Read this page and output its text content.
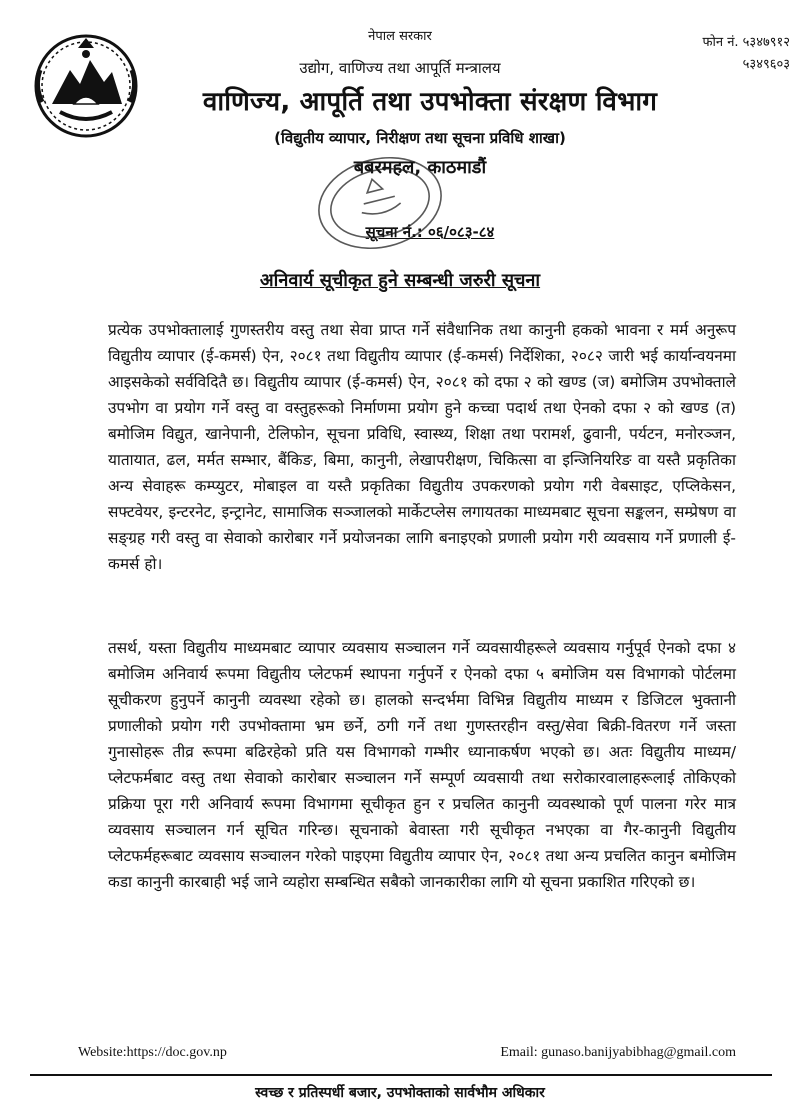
नेपाल सरकार
उद्योग, वाणिज्य तथा आपूर्ति मन्त्रालय
वाणिज्य, आपूर्ति तथा उपभोक्ता संरक्षण विभाग
(विद्युतीय व्यापार, निरीक्षण तथा सूचना प्रविधि शाखा)
बबरमहल, काठमाडौं
फोन नं. ५३४७९१२
५३४९६०३
सूचना नं.: ०६/०८३-८४
अनिवार्य सूचीकृत हुने सम्बन्धी जरुरी सूचना
प्रत्येक उपभोक्तालाई गुणस्तरीय वस्तु तथा सेवा प्राप्त गर्ने संवैधानिक तथा कानुनी हकको भावना र मर्म अनुरूप विद्युतीय व्यापार (ई-कमर्स) ऐन, २०८१ तथा विद्युतीय व्यापार (ई-कमर्स) निर्देशिका, २०८२ जारी भई कार्यान्वयनमा आइसकेको सर्वविदितै छ। विद्युतीय व्यापार (ई-कमर्स) ऐन, २०८१ को दफा २ को खण्ड (ज) बमोजिम उपभोक्ताले उपभोग वा प्रयोग गर्ने वस्तु वा वस्तुहरूको निर्माणमा प्रयोग हुने कच्चा पदार्थ तथा ऐनको दफा २ को खण्ड (त) बमोजिम विद्युत, खानेपानी, टेलिफोन, सूचना प्रविधि, स्वास्थ्य, शिक्षा तथा परामर्श, ढुवानी, पर्यटन, मनोरञ्जन, यातायात, ढल, मर्मत सम्भार, बैंकिङ, बिमा, कानुनी, लेखापरीक्षण, चिकित्सा वा इन्जिनियरिङ वा यस्तै प्रकृतिका अन्य सेवाहरू कम्प्युटर, मोबाइल वा यस्तै प्रकृतिका विद्युतीय उपकरणको प्रयोग गरी वेबसाइट, एप्लिकेसन, सफ्टवेयर, इन्टरनेट, इन्ट्रानेट, सामाजिक सञ्जालको मार्केटप्लेस लगायतका माध्यमबाट सूचना सङ्कलन, सम्प्रेषण वा सङ्ग्रह गरी वस्तु वा सेवाको कारोबार गर्ने प्रयोजनका लागि बनाइएको प्रणाली प्रयोग गरी व्यवसाय गर्ने प्रणाली ई-कमर्स हो।
तसर्थ, यस्ता विद्युतीय माध्यमबाट व्यापार व्यवसाय सञ्चालन गर्ने व्यवसायीहरूले व्यवसाय गर्नुपूर्व ऐनको दफा ४ बमोजिम अनिवार्य रूपमा विद्युतीय प्लेटफर्म स्थापना गर्नुपर्ने र ऐनको दफा ५ बमोजिम यस विभागको पोर्टलमा सूचीकरण हुनुपर्ने कानुनी व्यवस्था रहेको छ। हालको सन्दर्भमा विभिन्न विद्युतीय माध्यम र डिजिटल भुक्तानी प्रणालीको प्रयोग गरी उपभोक्तामा भ्रम छर्ने, ठगी गर्ने तथा गुणस्तरहीन वस्तु/सेवा बिक्री-वितरण गर्ने जस्ता गुनासोहरू तीव्र रूपमा बढिरहेको प्रति यस विभागको गम्भीर ध्यानाकर्षण भएको छ। अतः विद्युतीय माध्यम/प्लेटफर्मबाट वस्तु तथा सेवाको कारोबार सञ्चालन गर्ने सम्पूर्ण व्यवसायी तथा सरोकारवालाहरूलाई तोकिएको प्रक्रिया पूरा गरी अनिवार्य रूपमा विभागमा सूचीकृत हुन र प्रचलित कानुनी व्यवस्थाको पूर्ण पालना गरेर मात्र व्यवसाय सञ्चालन गर्न सूचित गरिन्छ। सूचनाको बेवास्ता गरी सूचीकृत नभएका वा गैर-कानुनी विद्युतीय प्लेटफर्महरूबाट व्यवसाय सञ्चालन गरेको पाइएमा विद्युतीय व्यापार ऐन, २०८१ तथा अन्य प्रचलित कानुन बमोजिम कडा कानुनी कारबाही भई जाने व्यहोरा सम्बन्धित सबैको जानकारीका लागि यो सूचना प्रकाशित गरिएको छ।
Website:https://doc.gov.np	Email: gunaso.banijyabibhag@gmail.com
स्वच्छ र प्रतिस्पर्धी बजार, उपभोक्ताको सार्वभौम अधिकार
